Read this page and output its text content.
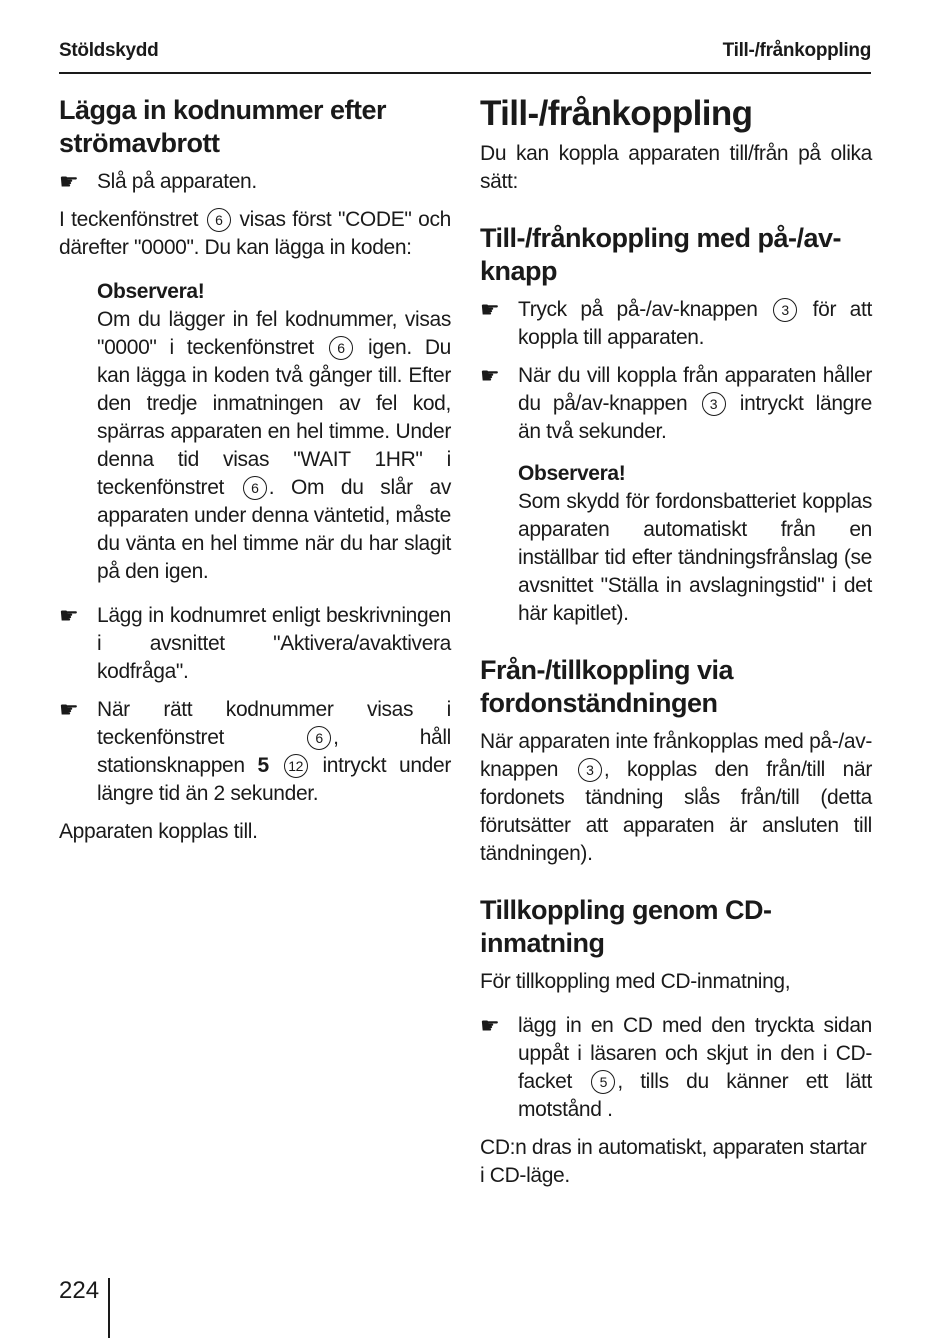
Stöldskydd	Till-/frånkoppling
Lägga in kodnummer efter strömavbrott
☛ Slå på apparaten.

I teckenfönstret 6 visas först "CODE" och därefter "0000". Du kan lägga in koden:

Observera!

Om du lägger in fel kodnummer, visas "0000" i teckenfönstret 6 igen. Du kan lägga in koden två gånger till. Efter den tredje inmatningen av fel kod, spärras apparaten en hel timme. Under denna tid visas "WAIT 1HR" i teckenfönstret 6 . Om du slår av apparaten under denna väntetid, måste du vänta en hel timme när du har slagit på den igen.

☛ Lägg in kodnumret enligt beskrivningen i avsnittet "Aktivera/avaktivera kodfråga".

☛ När rätt kodnummer visas i teckenfönstret	6 , håll stationsknappen 5 12 intryckt under längre tid än 2 sekunder.

Apparaten kopplas till.

Till-/frånkoppling

Du kan koppla apparaten till/från på olika sätt:

Till-/frånkoppling med på-/av-knapp
☛ Tryck på på-/av-knappen 3 för att koppla till apparaten.

☛ När du vill koppla från apparaten håller du på/av-knappen 3 intryckt längre än två sekunder.

Observera!

Som skydd för fordonsbatteriet kopplas apparaten automatiskt från en inställbar tid efter tändningsfrånslag (se avsnittet "Ställa in avslagningstid" i det här kapitlet).

Från-/tillkoppling via fordonständningen

När apparaten inte frånkopplas med på-/av-knappen 3 , kopplas den från/till när fordonets tändning slås från/till (detta förutsätter att apparaten är ansluten till tändningen).

Tillkoppling genom CD-inmatning

För tillkoppling med CD-inmatning,

☛ lägg in en CD med den tryckta sidan uppåt i läsaren och skjut in den i CD-facket 5 , tills du känner ett lätt motstånd .

CD:n dras in automatiskt, apparaten startar i CD-läge.

224
